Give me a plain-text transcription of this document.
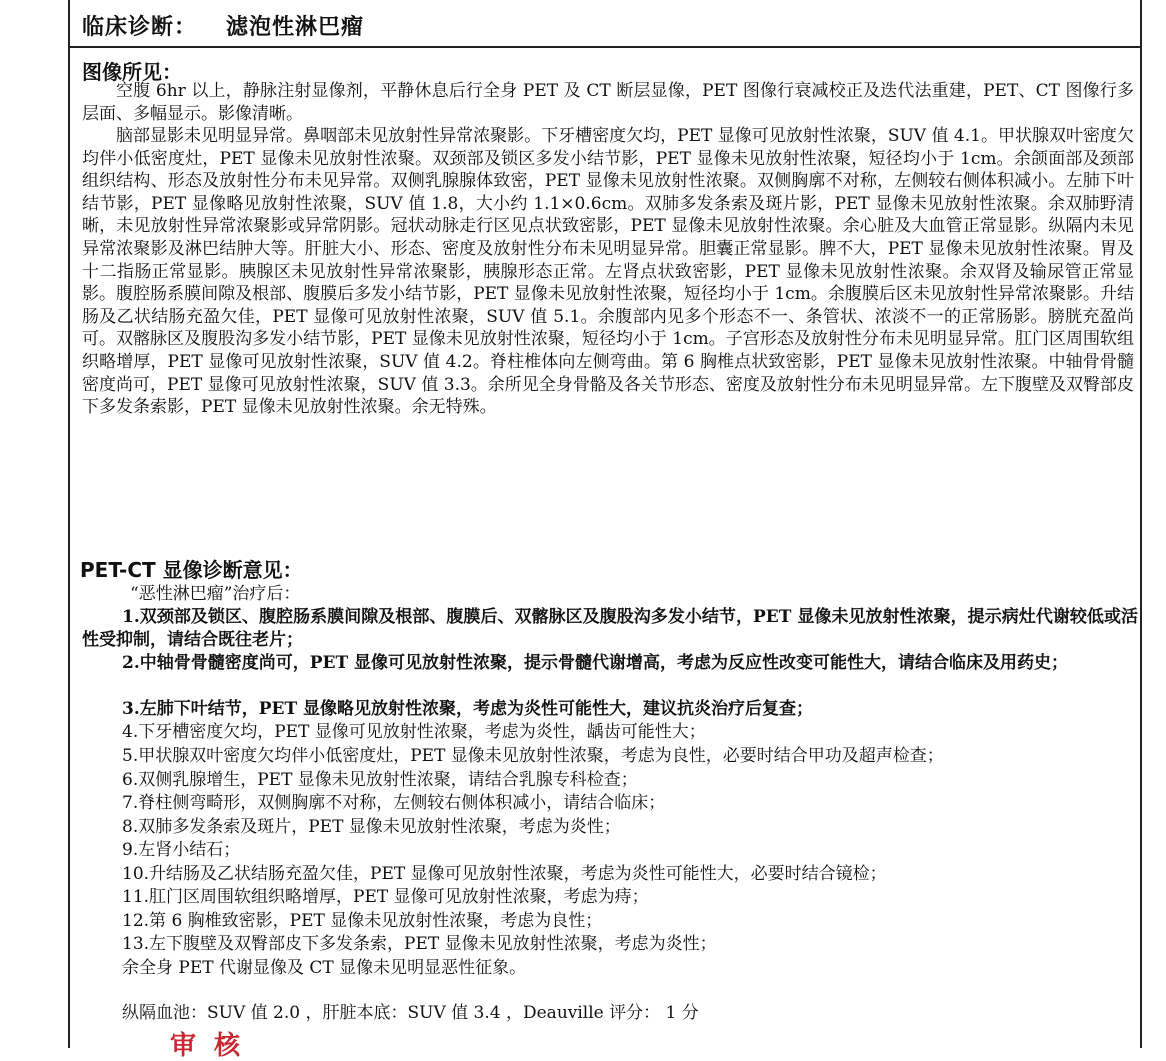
临床诊断： 滤泡性淋巴瘤
图像所见：

空腹 6hr 以上，静脉注射显像剂，平静休息后行全身 PET 及 CT 断层显像，PET 图像行衰减校正及迭代法重建，PET、CT 图像行多层面、多幅显示。影像清晰。

脑部显影未见明显异常。鼻咽部未见放射性异常浓聚影。下牙槽密度欠均，PET 显像可见放射性浓聚，SUV 值 4.1。甲状腺双叶密度欠均伴小低密度灶，PET 显像未见放射性浓聚。双颈部及锁区多发小结节影，PET 显像未见放射性浓聚，短径均小于 1cm。余颌面部及颈部组织结构、形态及放射性分布未见异常。双侧乳腺腺体致密，PET 显像未见放射性浓聚。双侧胸廓不对称，左侧较右侧体积减小。左肺下叶结节影，PET 显像略见放射性浓聚，SUV 值 1.8，大小约 1.1×0.6cm。双肺多发条索及斑片影，PET 显像未见放射性浓聚。余双肺野清晰，未见放射性异常浓聚影或异常阴影。冠状动脉走行区见点状致密影，PET 显像未见放射性浓聚。余心脏及大血管正常显影。纵隔内未见异常浓聚影及淋巴结肿大等。肝脏大小、形态、密度及放射性分布未见明显异常。胆囊正常显影。脾不大，PET 显像未见放射性浓聚。胃及十二指肠正常显影。胰腺区未见放射性异常浓聚影，胰腺形态正常。左肾点状致密影，PET 显像未见放射性浓聚。余双肾及输尿管正常显影。腹腔肠系膜间隙及根部、腹膜后多发小结节影，PET 显像未见放射性浓聚，短径均小于 1cm。余腹膜后区未见放射性异常浓聚影。升结肠及乙状结肠充盈欠佳，PET 显像可见放射性浓聚，SUV 值 5.1。余腹部内见多个形态不一、条管状、浓淡不一的正常肠影。膀胱充盈尚可。双髂脉区及腹股沟多发小结节影，PET 显像未见放射性浓聚，短径均小于 1cm。子宫形态及放射性分布未见明显异常。肛门区周围软组织略增厚，PET 显像可见放射性浓聚，SUV 值 4.2。脊柱椎体向左侧弯曲。第 6 胸椎点状致密影，PET 显像未见放射性浓聚。中轴骨骨髓密度尚可，PET 显像可见放射性浓聚，SUV 值 3.3。余所见全身骨骼及各关节形态、密度及放射性分布未见明显异常。左下腹壁及双臀部皮下多发条索影，PET 显像未见放射性浓聚。余无特殊。

PET-CT 显像诊断意见：
“恶性淋巴瘤”治疗后：

1.双颈部及锁区、腹腔肠系膜间隙及根部、腹膜后、双髂脉区及腹股沟多发小结节，PET 显像未见放射性浓聚，提示病灶代谢较低或活性受抑制，请结合既往老片；

2.中轴骨骨髓密度尚可，PET 显像可见放射性浓聚，提示骨髓代谢增高，考虑为反应性改变可能性大，请结合临床及用药史；

3.左肺下叶结节，PET 显像略见放射性浓聚，考虑为炎性可能性大，建议抗炎治疗后复查；

4.下牙槽密度欠均，PET 显像可见放射性浓聚，考虑为炎性，龋齿可能性大；

5.甲状腺双叶密度欠均伴小低密度灶，PET 显像未见放射性浓聚，考虑为良性，必要时结合甲功及超声检查；

6.双侧乳腺增生，PET 显像未见放射性浓聚，请结合乳腺专科检查；

7.脊柱侧弯畸形，双侧胸廓不对称，左侧较右侧体积减小，请结合临床；

8.双肺多发条索及斑片，PET 显像未见放射性浓聚，考虑为炎性；

9.左肾小结石；

10.升结肠及乙状结肠充盈欠佳，PET 显像可见放射性浓聚，考虑为炎性可能性大，必要时结合镜检；

11.肛门区周围软组织略增厚，PET 显像可见放射性浓聚，考虑为痔；

12.第 6 胸椎致密影，PET 显像未见放射性浓聚，考虑为良性；

13.左下腹壁及双臀部皮下多发条索，PET 显像未见放射性浓聚，考虑为炎性；

余全身 PET 代谢显像及 CT 显像未见明显恶性征象。
纵隔血池：SUV 值 2.0 ，肝脏本底：SUV 值 3.4 ，Deauville 评分： 1 分
审核
